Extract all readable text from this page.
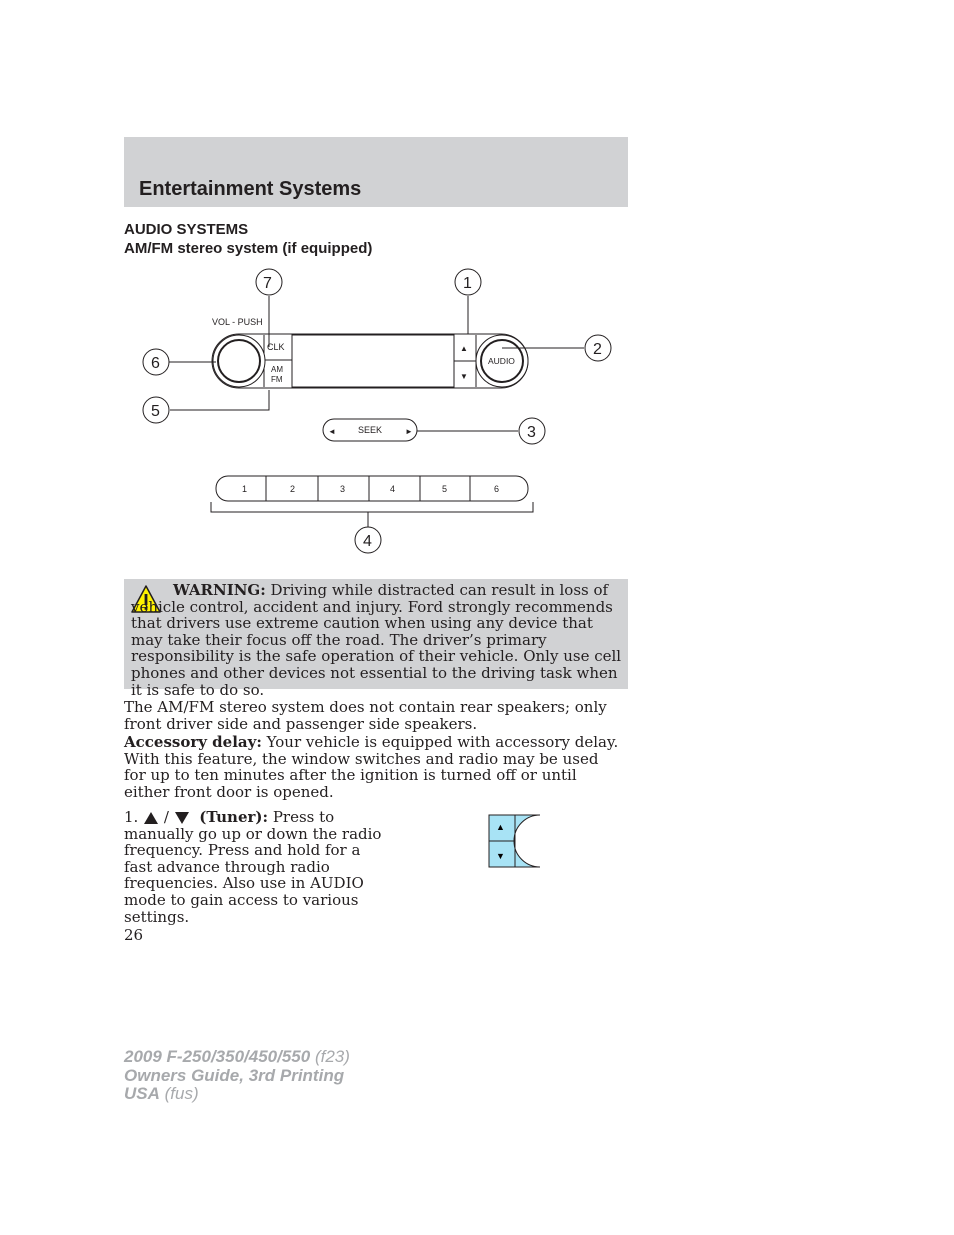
Entertainment Systems
AUDIO SYSTEMS
AM/FM stereo system (if equipped)
CLK
AM
FM
▲
▼
VOL - PUSH
AUDIO
◄ SEEK	►
1	2	3	4	5	6
7	1
2
6
5
3
4
WARNING: Driving while distracted can result in loss of vehicle control, accident and injury. Ford strongly recommends that drivers use extreme caution when using any device that may take their focus off the road. The driver’s primary responsibility is the safe operation of their vehicle. Only use cell phones and other devices not essential to the driving task when it is safe to do so.
The AM/FM stereo system does not contain rear speakers; only front driver side and passenger side speakers.
Accessory delay: Your vehicle is equipped with accessory delay. With this feature, the window switches and radio may be used for up to ten minutes after the ignition is turned off or until either front door is opened.
1. / (Tuner): Press to manually go up or down the radio frequency. Press and hold for a fast advance through radio frequencies. Also use in AUDIO mode to gain access to various settings.
▲
▼
26
2009 F-250/350/450/550 (f23)
Owners Guide, 3rd Printing
USA (fus)
